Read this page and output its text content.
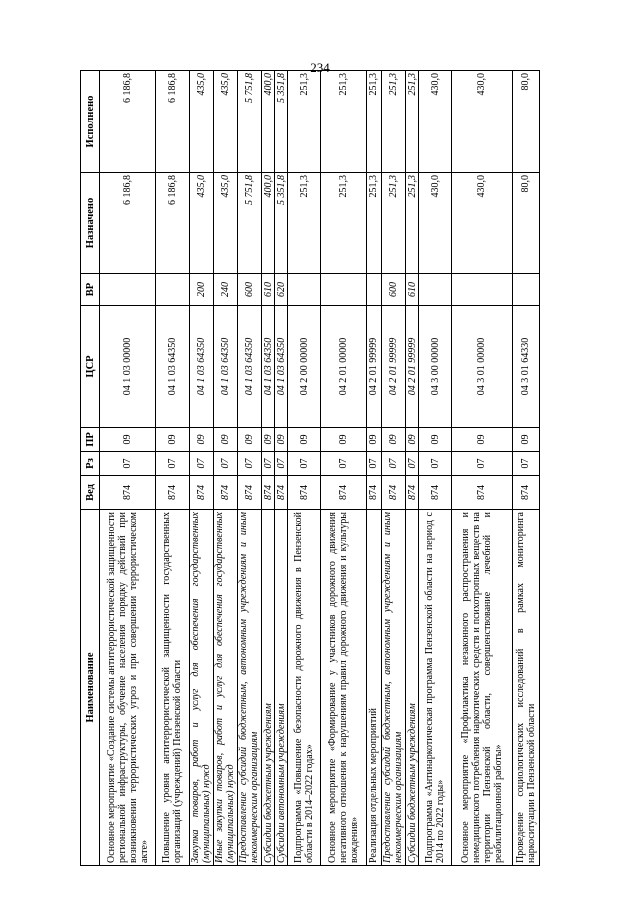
234
Наименование	Вед	Рз	ПР	ЦСР	ВР	Назначено	Исполнено
Основное мероприятие «Создание системы антитеррористической защищенности региональной инфраструктуры, обучение населения порядку действий при возникновении террористических угроз и при совершении террористическом акте»	874	07	09	04 1 03 00000		6 186,8	6 186,8
Повышение уровня антитеррористической защищенности государственных организаций (учреждений) Пензенской области	874	07	09	04 1 03 64350		6 186,8	6 186,8
Закупка товаров, работ и услуг для обеспечения государственных (муниципальных) нужд	874	07	09	04 1 03 64350	200	435,0	435,0
Иные закупки товаров, работ и услуг для обеспечения государственных (муниципальных) нужд	874	07	09	04 1 03 64350	240	435,0	435,0
Предоставление субсидий бюджетным, автономным учреждениям и иным некоммерческим организациям	874	07	09	04 1 03 64350	600	5 751,8	5 751,8
Субсидии бюджетным учреждениям	874	07	09	04 1 03 64350	610	400,0	400,0
Субсидии автономным учреждениям	874	07	09	04 1 03 64350	620	5 351,8	5 351,8
Подпрограмма «Повышение безопасности дорожного движения в Пензенской области в 2014–2022 годах»	874	07	09	04 2 00 00000		251,3	251,3
Основное мероприятие «Формирование у участников дорожного движения негативного отношения к нарушениям правил дорожного движения и культуры вождения»	874	07	09	04 2 01 00000		251,3	251,3
Реализация отдельных мероприятий	874	07	09	04 2 01 99999		251,3	251,3
Предоставление субсидий бюджетным, автономным учреждениям и иным некоммерческим организациям	874	07	09	04 2 01 99999	600	251,3	251,3
Субсидии бюджетным учреждениям	874	07	09	04 2 01 99999	610	251,3	251,3
Подпрограмма «Антинаркотическая программа Пензенской области на период с 2014 по 2022 годы»	874	07	09	04 3 00 00000		430,0	430,0
Основное мероприятие «Профилактика незаконного распространения и немедицинского потребления наркотических средств и психотропных веществ на территории Пензенской области, совершенствование лечебной и реабилитационной работы»	874	07	09	04 3 01 00000		430,0	430,0
Проведение социологических исследований в рамках мониторинга наркоситуации в Пензенской области	874	07	09	04 3 01 64330		80,0	80,0
